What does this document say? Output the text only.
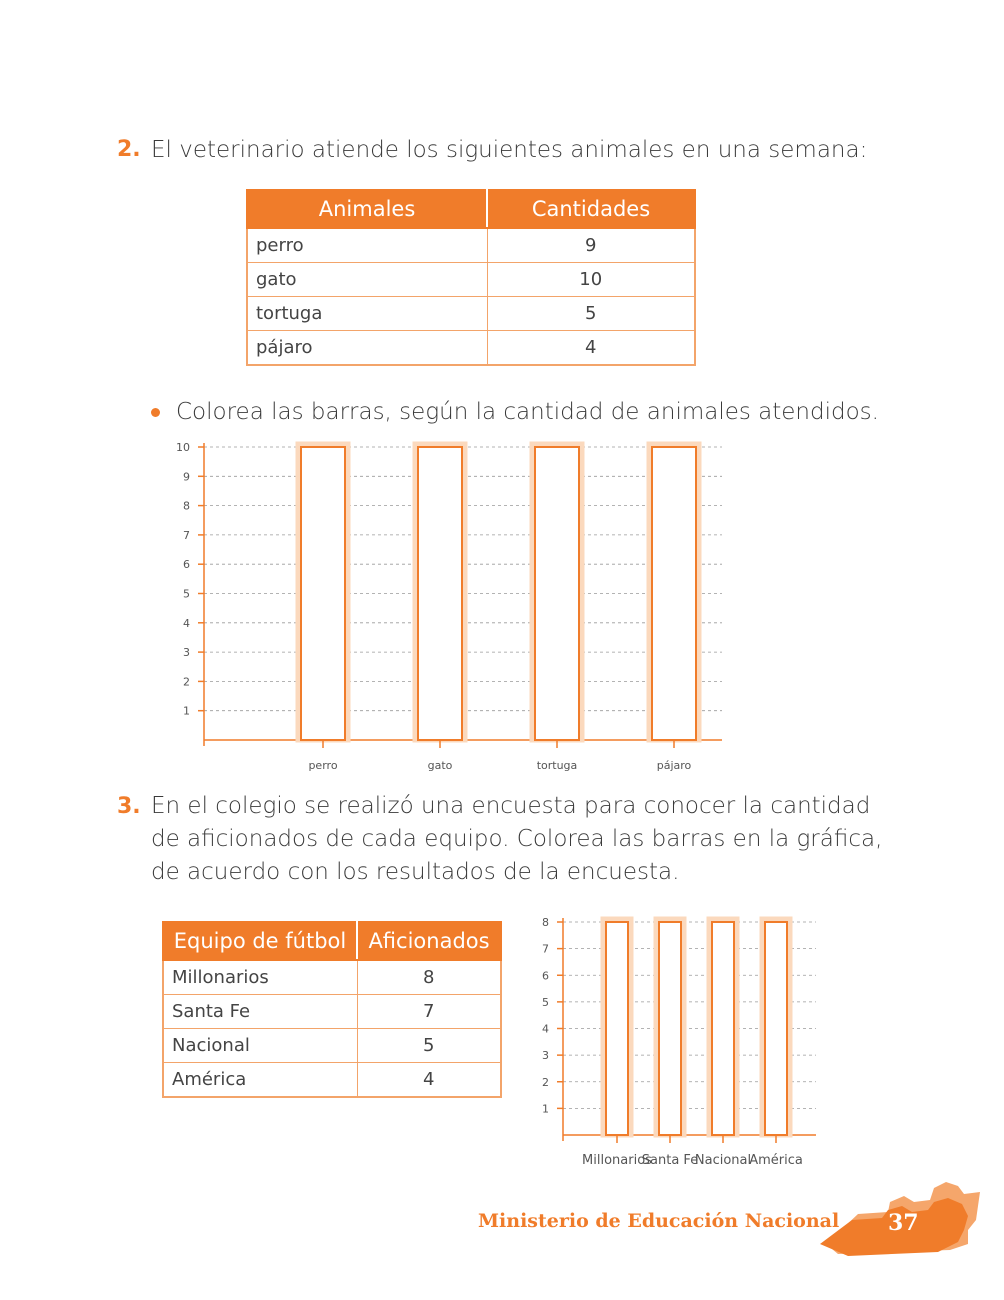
2. El veterinario atiende los siguientes animales en una semana:
Animales	Cantidades
perro	9
gato	10
tortuga	5
pájaro	4
Colorea las barras, según la cantidad de animales atendidos.
1
2
3
4
5
6
7
8
9
10
perro	gato	tortuga	pájaro
3. En el colegio se realizó una encuesta para conocer la cantidad
de aficionados de cada equipo. Colorea las barras en la gráfica,
de acuerdo con los resultados de la encuesta.
Equipo de fútbol	Aficionados
Millonarios	8
Santa Fe	7
Nacional	5
América	4
1
2
3
4
5
6
7
8
Millonarios
Santa Fe
Nacional
América
Ministerio de Educación Nacional 37
